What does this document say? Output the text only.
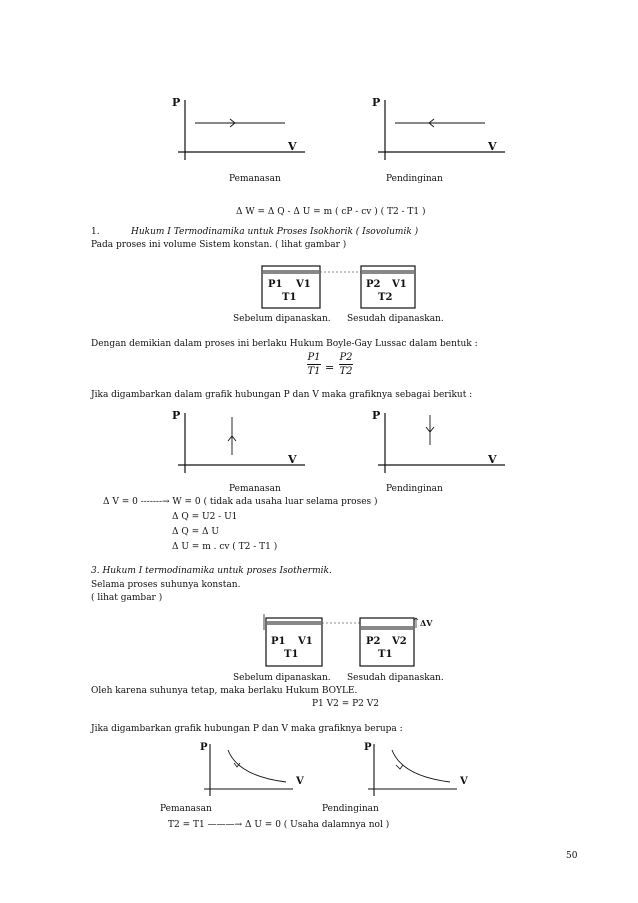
P
V
P
V
Pemanasan	Pendinginan
Δ W = Δ Q - Δ U = m ( cP - cv ) ( T2 - T1 )
1.	Hukum I Termodinamika untuk Proses Isokhorik ( Isovolumik )
Pada proses ini volume Sistem konstan. ( lihat gambar )
P1 V1
T1
P2 V1
T2
Sebelum dipanaskan. Sesudah dipanaskan.
Dengan demikian dalam proses ini berlaku Hukum Boyle-Gay Lussac dalam bentuk :
P1
T1 =
P2
T2
Jika digambarkan dalam grafik hubungan P dan V maka grafiknya sebagai berikut :
P
V
P
V
Pemanasan	Pendinginan
Δ V = 0 -------→ W = 0 ( tidak ada usaha luar selama proses )
Δ Q = U2 - U1
Δ Q = Δ U
Δ U = m . cv ( T2 - T1 )
3. Hukum I termodinamika untuk proses Isothermik.
Selama proses suhunya konstan.
( lihat gambar )
ΔV
P1 V1
T1
P2 V2
T1
Sebelum dipanaskan. Sesudah dipanaskan.
Oleh karena suhunya tetap, maka berlaku Hukum BOYLE.
P1 V2 = P2 V2
Jika digambarkan grafik hubungan P dan V maka grafiknya berupa :
P
V
P
V
Pemanasan	Pendinginan
T2 = T1 ———→ Δ U = 0 ( Usaha dalamnya nol )
50
